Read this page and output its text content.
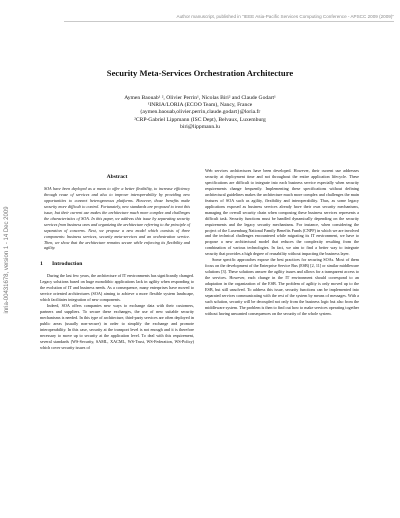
Author manuscript, published in "IEEE Asia-Pacific Services Computing Conference - APSCC 2009 (2009)"
inria-00431678, version 1 - 14 Dec 2009
Security Meta-Services Orchestration Architecture
Aymen Baouab¹ ², Olivier Perrin¹, Nicolas Biri² and Claude Godart¹
¹INRIA/LORIA (ECOO Team), Nancy, France
{aymen.baouab,olivier.perrin,claude.godart}@loria.fr
²CRP-Gabriel Lippmann (ISC Dept), Belvaux, Luxemburg
biri@lippmann.lu
Abstract
SOA have been deployed as a mean to offer a better flexibility, to increase efficiency through reuse of services and also to improve interoperability by providing new opportunities to connect heterogeneous platforms. However, those benefits make security more difficult to control. Fortunately, new standards are proposed to treat this issue, but their current use makes the architecture much more complex and challenges the characteristics of SOA. In this paper, we address this issue by separating security services from business ones and organizing the architecture referring to the principle of separation of concerns. Next, we propose a new model which consists of three components: business services, security meta-services and an orchestration service. Then, we show that the architecture remains secure while enforcing its flexibility and agility.
1 Introduction

During the last few years, the architecture of IT environments has significantly changed. Legacy solutions based on huge monolithic applications lack in agility when responding to the evolution of IT and business needs. As a consequence, many enterprises have moved to service oriented architectures (SOA) aiming to achieve a more flexible system landscape, which facilitates integration of new components.

Indeed, SOA offers companies new ways to exchange data with their customers, partners and suppliers. To secure these exchanges, the use of new suitable security mechanisms is needed. In this type of architecture, third-party services are often deployed in public areas (usually non-secure) in order to simplify the exchange and promote interoperability. In this case, security at the transport level is not enough and it is therefore necessary to move up to security at the application level. To deal with this requirement, several standards (WS-Security, SAML, XACML, WS-Trust, WS-Federation, WS-Policy) which cover security issues of

Web services architectures have been developed. However, their current use addresses security at deployment time and not throughout the entire application lifecycle. These specifications are difficult to integrate into each business service especially when security requirements change frequently. Implementing these specifications without defining architectural guidelines makes the architecture much more complex and challenges the main features of SOA such as agility, flexibility and interoperability. Thus, as some legacy applications exposed as business services already have their own security mechanisms, managing the overall security chain when composing these business services represents a difficult task. Security functions must be handled dynamically depending on the security requirements and the legacy security mechanisms. For instance, when considering the project of the Luxemburg National Family Benefits Funds (CNPF) in which we are involved and the technical challenges encountered while migrating its IT environment, we have to propose a new architectural model that reduces the complexity resulting from the combination of various technologies. In fact, we aim to find a better way to integrate security that provides a high degree of reusability without impacting the business layer.

Some specific approaches expose the best practices for securing SOAs. Most of them focus on the development of the Enterprise Service Bus (ESB) [2, 11] or similar middleware solutions [3]. These solutions answer the agility issues and allows for a transparent access to the services. However, each change in the IT environment should correspond to an adaptation in the organization of the ESB. The problem of agility is only moved up to the ESB, but still unsolved. To address this issue, security functions can be implemented into separated services communicating with the rest of the system by means of messages. With a such solution, security will be decoupled not only from the business logic but also from the middleware system. The problem is then to find out how to make services operating together without having unwanted consequences on the security of the whole system.
